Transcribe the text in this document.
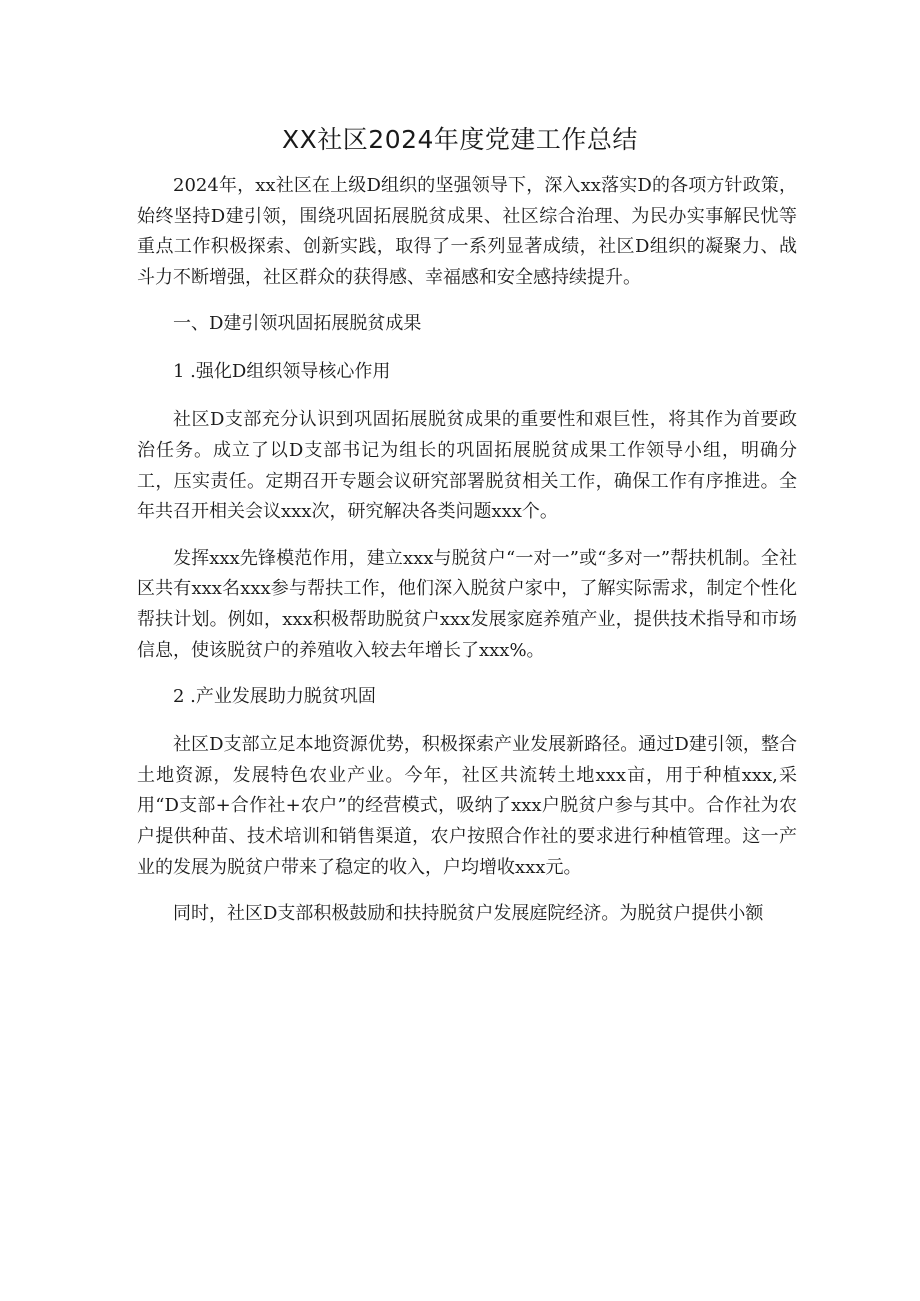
XX社区2024年度党建工作总结

2024年，xx社区在上级D组织的坚强领导下，深入xx落实D的各项方针政策，始终坚持D建引领，围绕巩固拓展脱贫成果、社区综合治理、为民办实事解民忧等重点工作积极探索、创新实践，取得了一系列显著成绩，社区D组织的凝聚力、战斗力不断增强，社区群众的获得感、幸福感和安全感持续提升。

一、D建引领巩固拓展脱贫成果

1 .强化D组织领导核心作用

社区D支部充分认识到巩固拓展脱贫成果的重要性和艰巨性，将其作为首要政治任务。成立了以D支部书记为组长的巩固拓展脱贫成果工作领导小组，明确分工，压实责任。定期召开专题会议研究部署脱贫相关工作，确保工作有序推进。全年共召开相关会议xxx次，研究解决各类问题xxx个。

发挥xxx先锋模范作用，建立xxx与脱贫户“一对一”或“多对一”帮扶机制。全社区共有xxx名xxx参与帮扶工作，他们深入脱贫户家中，了解实际需求，制定个性化帮扶计划。例如，xxx积极帮助脱贫户xxx发展家庭养殖产业，提供技术指导和市场信息，使该脱贫户的养殖收入较去年增长了xxx%。

2 .产业发展助力脱贫巩固

社区D支部立足本地资源优势，积极探索产业发展新路径。通过D建引领，整合土地资源，发展特色农业产业。今年，社区共流转土地xxx亩，用于种植xxx,采用“D支部+合作社+农户”的经营模式，吸纳了xxx户脱贫户参与其中。合作社为农户提供种苗、技术培训和销售渠道，农户按照合作社的要求进行种植管理。这一产业的发展为脱贫户带来了稳定的收入，户均增收xxx元。

同时，社区D支部积极鼓励和扶持脱贫户发展庭院经济。为脱贫户提供小额
